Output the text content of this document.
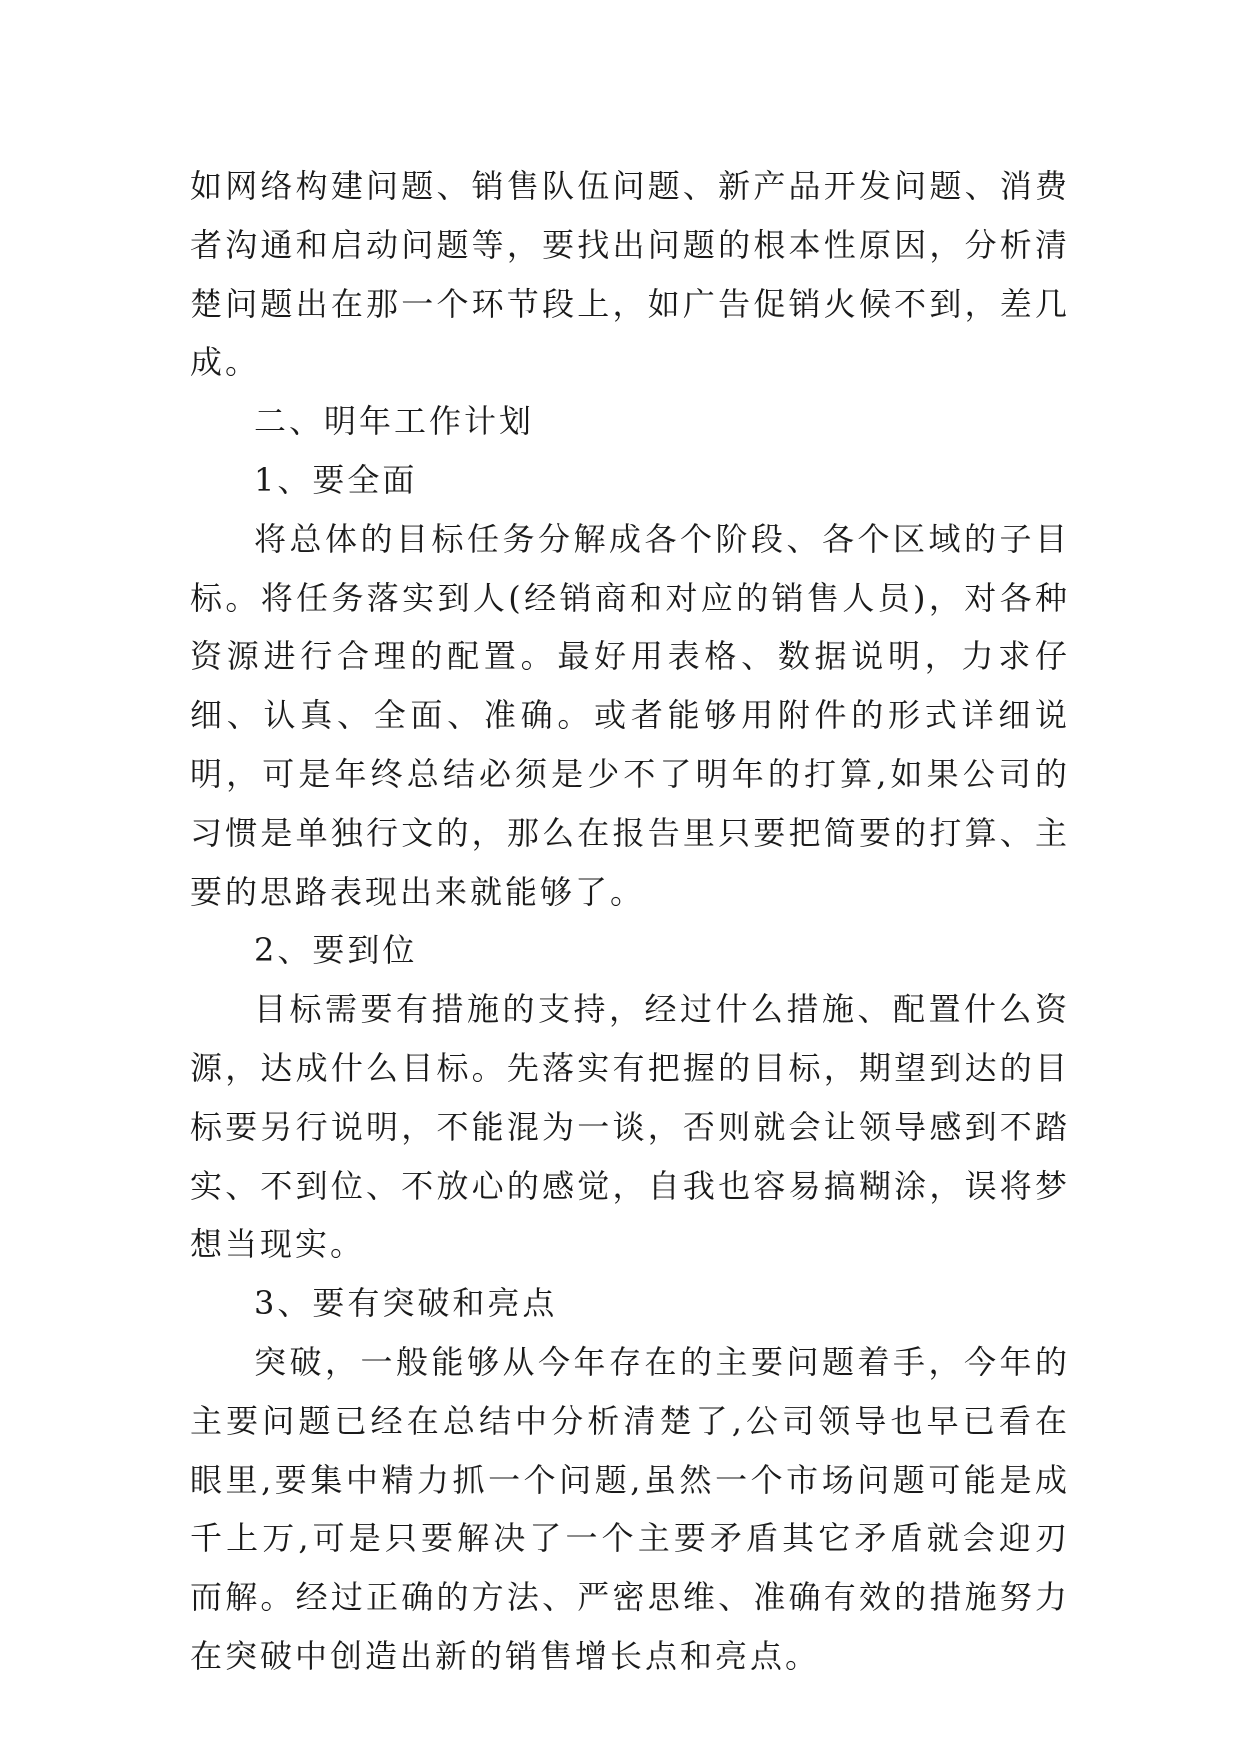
如网络构建问题、销售队伍问题、新产品开发问题、消费者沟通和启动问题等，要找出问题的根本性原因，分析清楚问题出在那一个环节段上，如广告促销火候不到，差几成。

二、明年工作计划

1、要全面

将总体的目标任务分解成各个阶段、各个区域的子目标。将任务落实到人(经销商和对应的销售人员)，对各种资源进行合理的配置。最好用表格、数据说明，力求仔细、认真、全面、准确。或者能够用附件的形式详细说明，可是年终总结必须是少不了明年的打算,如果公司的习惯是单独行文的，那么在报告里只要把简要的打算、主要的思路表现出来就能够了。

2、要到位

目标需要有措施的支持，经过什么措施、配置什么资源，达成什么目标。先落实有把握的目标，期望到达的目标要另行说明，不能混为一谈，否则就会让领导感到不踏实、不到位、不放心的感觉，自我也容易搞糊涂，误将梦想当现实。

3、要有突破和亮点

突破，一般能够从今年存在的主要问题着手，今年的主要问题已经在总结中分析清楚了,公司领导也早已看在眼里,要集中精力抓一个问题,虽然一个市场问题可能是成千上万,可是只要解决了一个主要矛盾其它矛盾就会迎刃而解。经过正确的方法、严密思维、准确有效的措施努力在突破中创造出新的销售增长点和亮点。
